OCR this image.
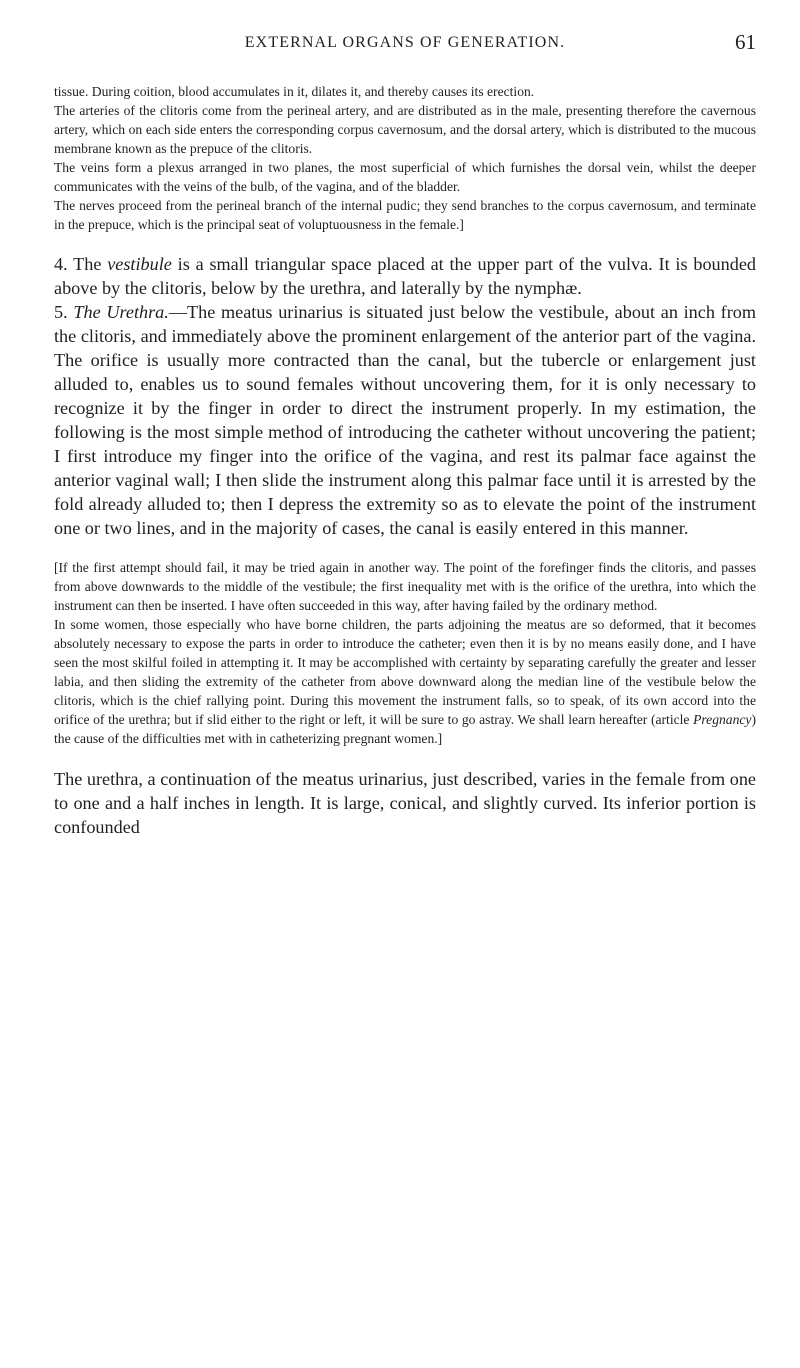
EXTERNAL ORGANS OF GENERATION.	61

tissue. During coition, blood accumulates in it, dilates it, and thereby causes its erection.

The arteries of the clitoris come from the perineal artery, and are distributed as in the male, presenting therefore the cavernous artery, which on each side enters the corresponding corpus cavernosum, and the dorsal artery, which is distributed to the mucous membrane known as the prepuce of the clitoris.

The veins form a plexus arranged in two planes, the most superficial of which furnishes the dorsal vein, whilst the deeper communicates with the veins of the bulb, of the vagina, and of the bladder.

The nerves proceed from the perineal branch of the internal pudic; they send branches to the corpus cavernosum, and terminate in the prepuce, which is the principal seat of voluptuousness in the female.]

4. The vestibule is a small triangular space placed at the upper part of the vulva. It is bounded above by the clitoris, below by the urethra, and laterally by the nymphæ.

5. The Urethra.—The meatus urinarius is situated just below the vestibule, about an inch from the clitoris, and immediately above the prominent enlargement of the anterior part of the vagina. The orifice is usually more contracted than the canal, but the tubercle or enlargement just alluded to, enables us to sound females without uncovering them, for it is only necessary to recognize it by the finger in order to direct the instrument properly. In my estimation, the following is the most simple method of introducing the catheter without uncovering the patient; I first introduce my finger into the orifice of the vagina, and rest its palmar face against the anterior vaginal wall; I then slide the instrument along this palmar face until it is arrested by the fold already alluded to; then I depress the extremity so as to elevate the point of the instrument one or two lines, and in the majority of cases, the canal is easily entered in this manner.

[If the first attempt should fail, it may be tried again in another way. The point of the forefinger finds the clitoris, and passes from above downwards to the middle of the vestibule; the first inequality met with is the orifice of the urethra, into which the instrument can then be inserted. I have often succeeded in this way, after having failed by the ordinary method.

In some women, those especially who have borne children, the parts adjoining the meatus are so deformed, that it becomes absolutely necessary to expose the parts in order to introduce the catheter; even then it is by no means easily done, and I have seen the most skilful foiled in attempting it. It may be accomplished with certainty by separating carefully the greater and lesser labia, and then sliding the extremity of the catheter from above downward along the median line of the vestibule below the clitoris, which is the chief rallying point. During this movement the instrument falls, so to speak, of its own accord into the orifice of the urethra; but if slid either to the right or left, it will be sure to go astray. We shall learn hereafter (article Pregnancy) the cause of the difficulties met with in catheterizing pregnant women.]

The urethra, a continuation of the meatus urinarius, just described, varies in the female from one to one and a half inches in length. It is large, conical, and slightly curved. Its inferior portion is confounded
